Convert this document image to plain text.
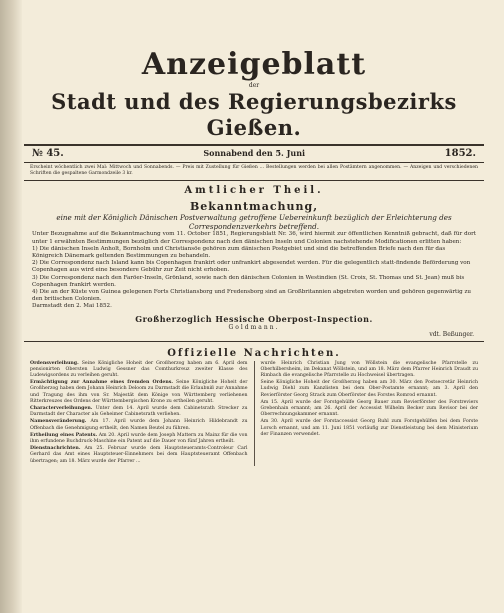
Anzeigeblatt
der
Stadt und des Regierungsbezirks Gießen.
№ 45.	Sonnabend den 5. Juni	1852.
Erscheint wöchentlich zwei Mal: Mittwoch und Sonnabends. — Preis mit Zustellung für Gießen ... Bestellungen werden bei allen Postämtern angenommen. — Anzeigen und verschiedenen Schriften die gespaltene Garmondzeile 3 kr.
Amtlicher Theil.
Bekanntmachung,
eine mit der Königlich Dänischen Postverwaltung getroffene Uebereinkunft bezüglich der Erleichterung des Correspondenzverkehrs betreffend.

Unter Bezugnahme auf die Bekanntmachung vom 11. October 1851, Regierungsblatt Nr. 36, wird hiermit zur öffentlichen Kenntniß gebracht, daß für dort unter 1 erwähnten Bestimmungen bezüglich der Correspondenz nach den dänischen Inseln und Colonien nachstehende Modificationen erlitten haben:

1) Die dänischen Inseln Anholt, Bornholm und Christiansöe gehören zum dänischen Postgebiet und sind die betreffenden Briefe nach den für das Königreich Dänemark geltenden Bestimmungen zu behandeln.
2) Die Correspondenz nach Island kann bis Copenhagen frankirt oder unfrankirt abgesendet werden. Für die gelegentlich statt-findende Beförderung von Copenhagen aus wird eine besondere Gebühr zur Zeit nicht erhoben.
3) Die Correspondenz nach den Faröer-Inseln, Grönland, sowie nach den dänischen Colonien in Westindien (St. Croix, St. Thomas und St. Jean) muß bis Copenhagen frankirt werden.
4) Die an der Küste von Guinea gelegenen Forts Christiansborg und Fredensborg sind an Großbritannien abgetreten worden und gehören gegenwärtig zu den britischen Colonien.
Darmstadt den 2. Mai 1852.
Großherzoglich Hessische Oberpost-Inspection.
Goldmann.
vdt. Beßunger.
Offizielle Nachrichten.

Ordensverleihung. Seine Königliche Hoheit der Großherzog haben am 6. April dem pensionirten Obersten Ludwig Gessner das Comthurkreuz zweiter Klasse des Ludewigsordens zu verleihen geruht.

Ermächtigung zur Annahme eines fremden Ordens. Seine Königliche Hoheit der Großherzog haben dem Johann Heinrich Deloom zu Darmstadt die Erlaubniß zur Annahme und Tragung des ihm von Sr. Majestät dem Könige von Württemberg verliehenen Ritterkreuzes des Ordens der Württembergischen Krone zu ertheilen geruht.

Characterverleihungen. Unter dem 14. April wurde dem Cabinetsrath Strecker zu Darmstadt der Character als Geheimer Cabinetsrath verliehen.

Namensveränderung. Am 17. April wurde dem Johann Heinrich Hildebrandt zu Offenbach die Genehmigung ertheilt, den Namen Beutel zu führen.

Ertheilung eines Patents. Am 20. April wurde dem Joseph Mattern zu Mainz für die von ihm erfundene Buchdruck-Maschine ein Patent auf die Dauer von fünf Jahren ertheilt.

Dienstnachrichten. Am 25. Februar wurde dem Hauptsteueramts-Controleur Carl Gerhard das Amt eines Hauptsteuer-Einnehmers bei dem Hauptsteueramt Offenbach übertragen; am 18. März wurde der Pfarrer ...

wurde Heinrich Christian Jung von Wöllstein die evangelische Pfarrstelle zu Oberhilbersheim, im Dekanat Wöllstein, und am 18. März dem Pfarrer Heinrich Draudt zu Rimbach die evangelische Pfarrstelle zu Hochweisel übertragen.

Seine Königliche Hoheit der Großherzog haben am 30. März den Postsecretär Heinrich Ludwig Diehl zum Kanzlisten bei dem Ober-Postamte ernannt; am 3. April den Revierförster Georg Strack zum Oberförster des Forstes Romrod ernannt.

Am 15. April wurde der Forstgehülfe Georg Bauer zum Revierförster des Forstreviers Grebenhain ernannt; am 26. April der Accessist Wilhelm Becker zum Revisor bei der Oberrechnungskammer ernannt.

Am 30. April wurde der Forstaccessist Georg Ruhl zum Forstgehülfen bei dem Forste Lorsch ernannt, und am 11. Juni 1851 vorläufig zur Dienstleistung bei dem Ministerium der Finanzen verwendet.
